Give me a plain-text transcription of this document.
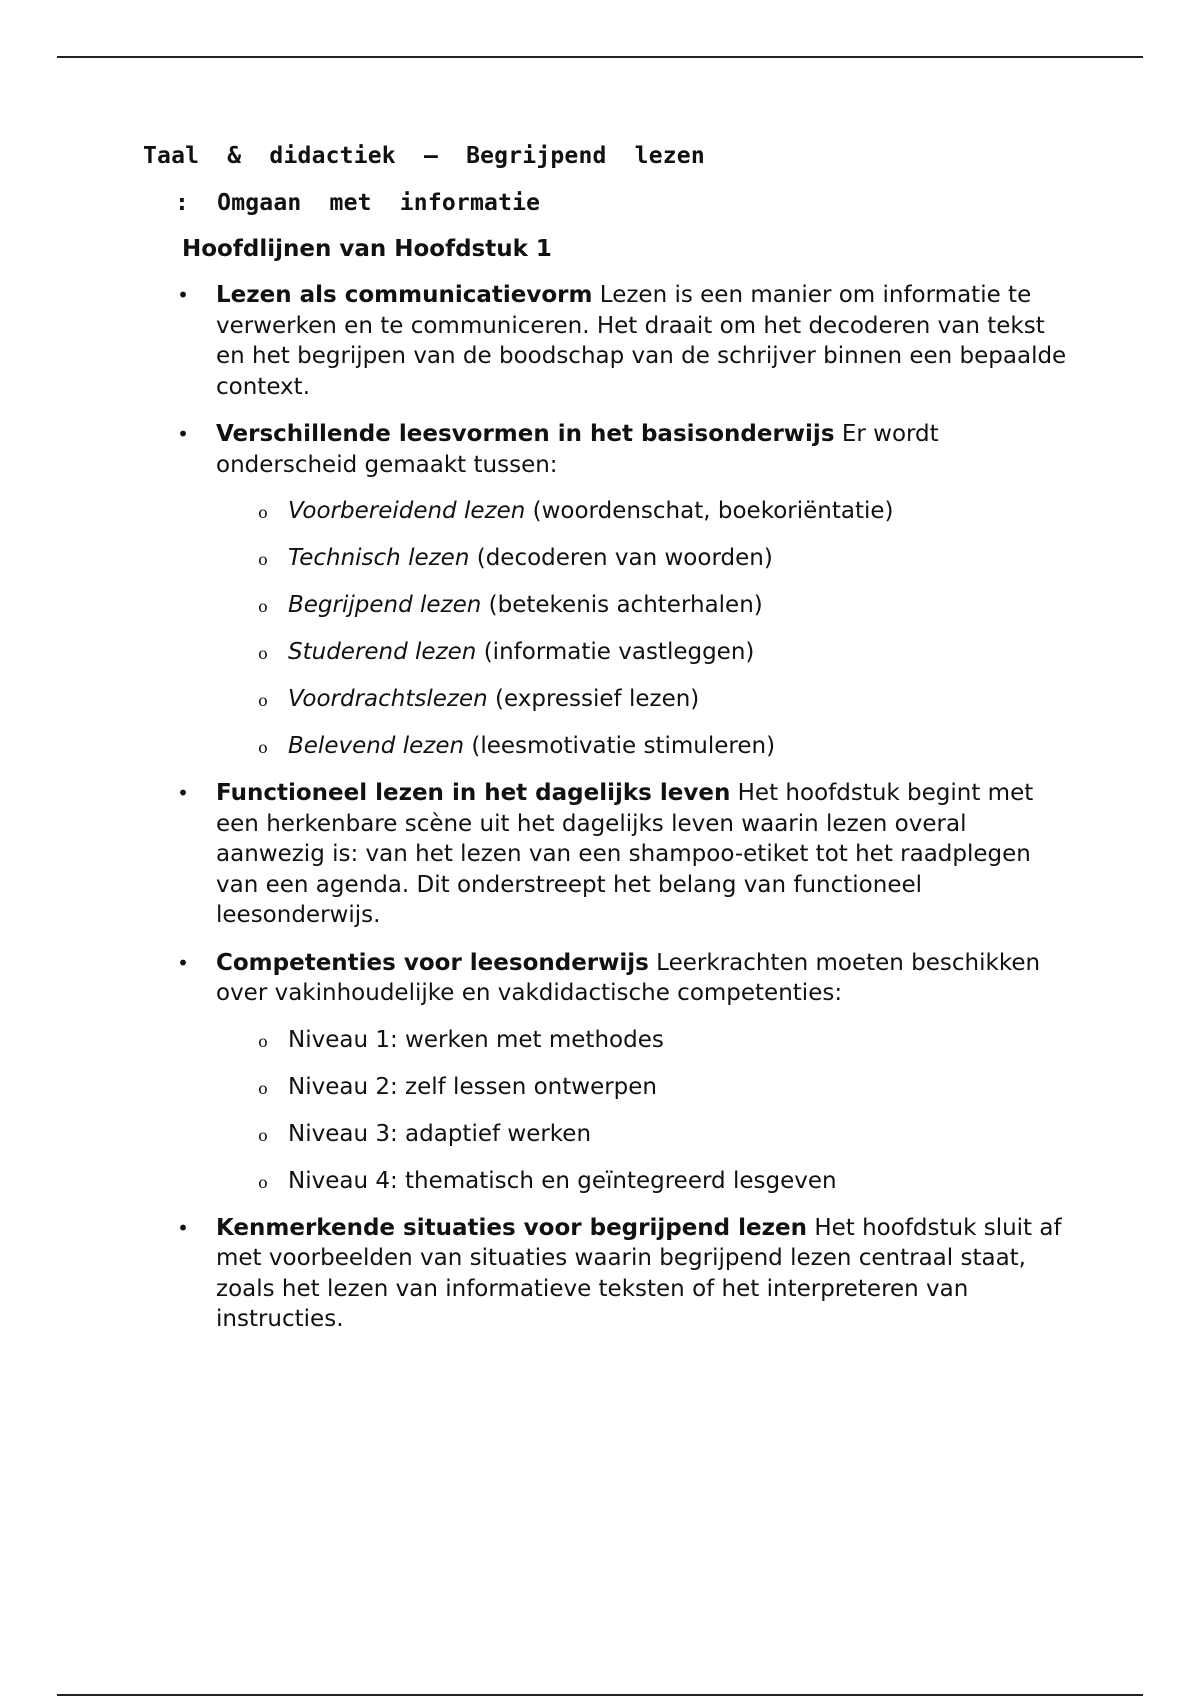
Taal  &  didactiek  –  Begrijpend  lezen
:  Omgaan  met  informatie
Hoofdlijnen van Hoofdstuk 1
• Lezen als communicatievorm Lezen is een manier om informatie te verwerken en te communiceren. Het draait om het decoderen van tekst en het begrijpen van de boodschap van de schrijver binnen een bepaalde context.
• Verschillende leesvormen in het basisonderwijs Er wordt onderscheid gemaakt tussen:
o Voorbereidend lezen (woordenschat, boekoriëntatie)
o Technisch lezen (decoderen van woorden)
o Begrijpend lezen (betekenis achterhalen)
o Studerend lezen (informatie vastleggen)
o Voordrachtslezen (expressief lezen)
o Belevend lezen (leesmotivatie stimuleren)
• Functioneel lezen in het dagelijks leven Het hoofdstuk begint met een herkenbare scène uit het dagelijks leven waarin lezen overal aanwezig is: van het lezen van een shampoo-etiket tot het raadplegen van een agenda. Dit onderstreept het belang van functioneel leesonderwijs.
• Competenties voor leesonderwijs Leerkrachten moeten beschikken over vakinhoudelijke en vakdidactische competenties:
o Niveau 1: werken met methodes
o Niveau 2: zelf lessen ontwerpen
o Niveau 3: adaptief werken
o Niveau 4: thematisch en geïntegreerd lesgeven
• Kenmerkende situaties voor begrijpend lezen Het hoofdstuk sluit af met voorbeelden van situaties waarin begrijpend lezen centraal staat, zoals het lezen van informatieve teksten of het interpreteren van instructies.
